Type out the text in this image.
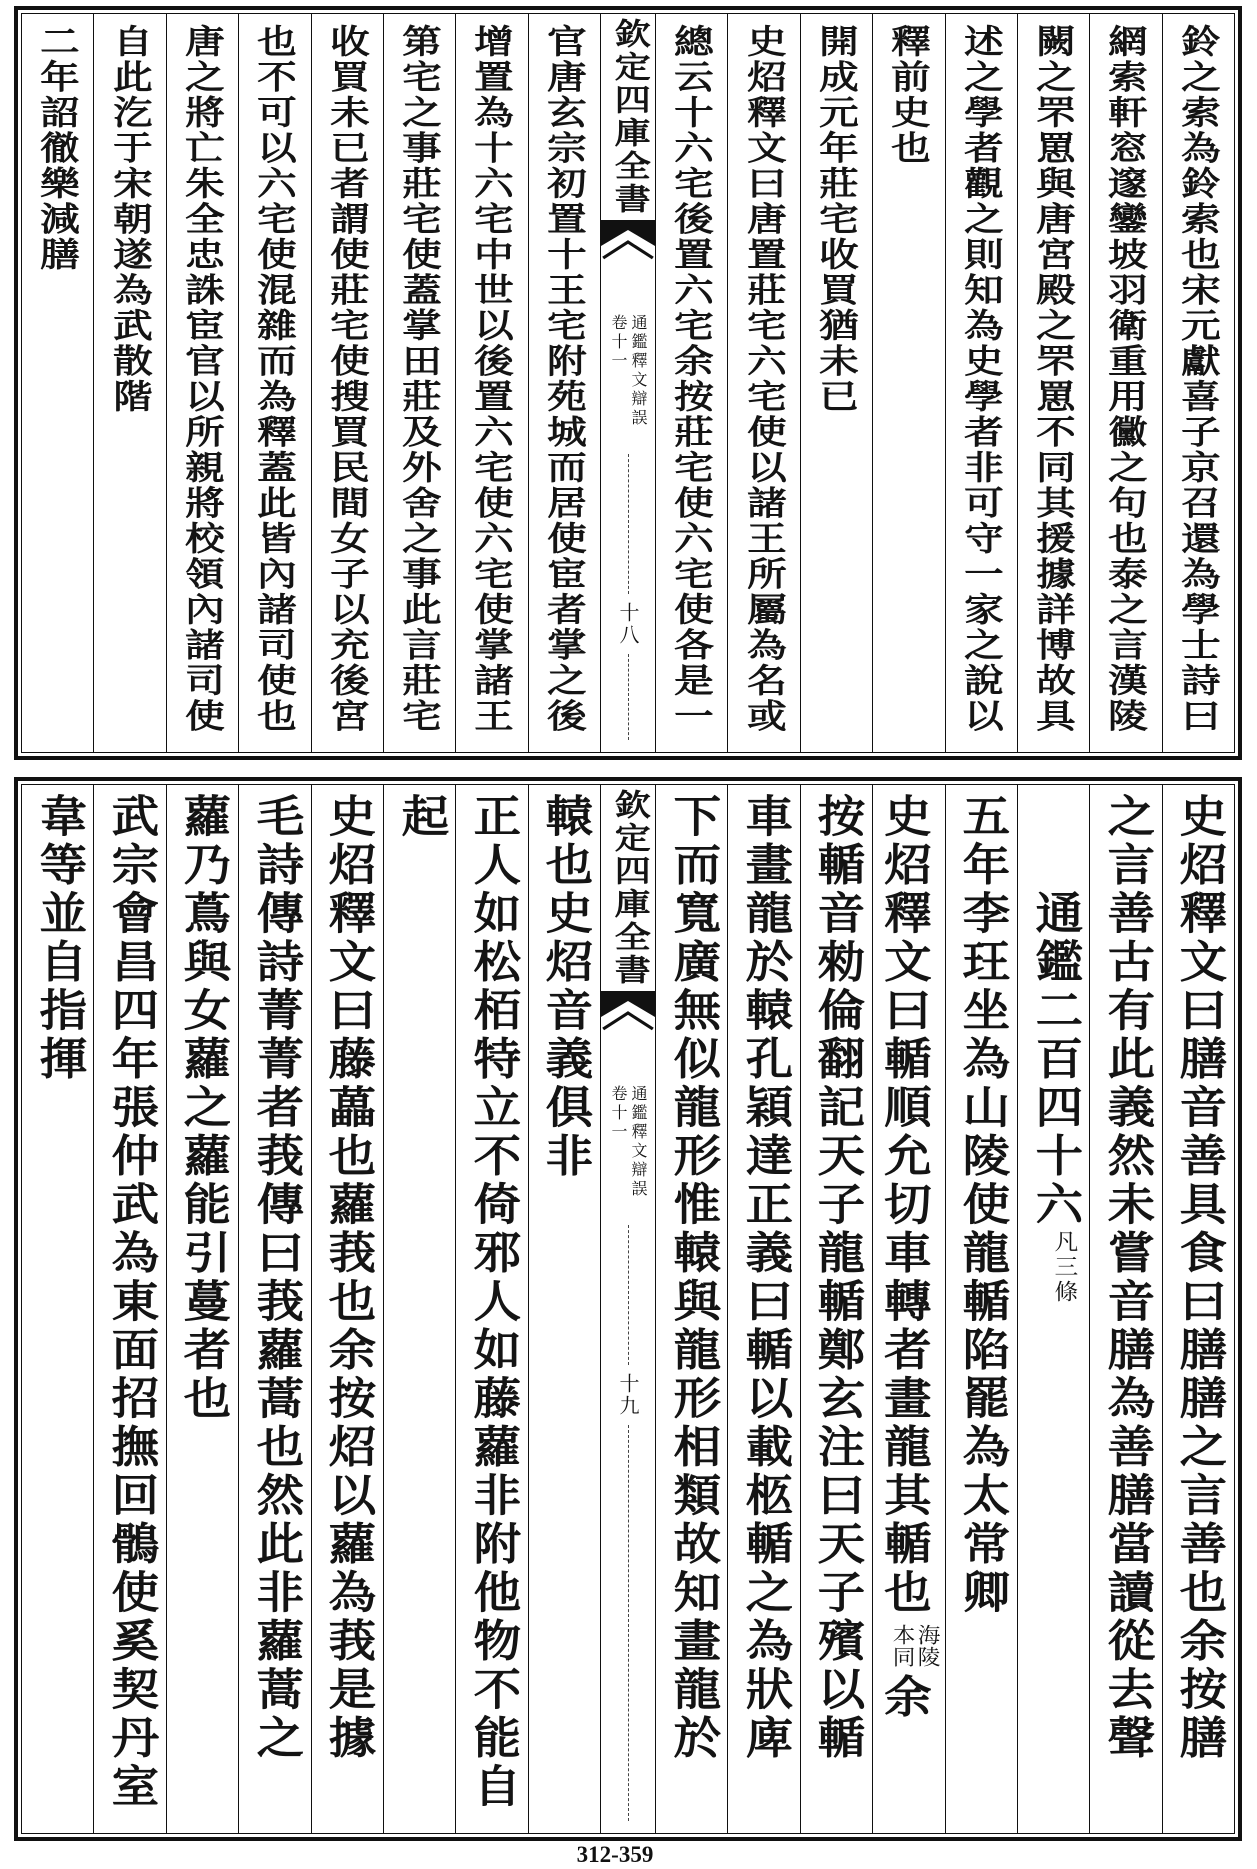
鈴之索為鈴索也宋元獻喜子京召還為學士詩曰
網索軒窓邃鑾坡羽衛重用黴之句也泰之言漢陵
闕之罘罳與唐宮殿之罘罳不同其援據詳博故具
述之學者觀之則知為史學者非可守一家之說以
釋前史也
開成元年莊宅收買猶未已
史炤釋文曰唐置莊宅六宅使以諸王所屬為名或
總云十六宅後置六宅余按莊宅使六宅使各是一
欽定四庫全書
通鑑釋文辯誤
卷十一
十八
官唐玄宗初置十王宅附苑城而居使宦者掌之後
增置為十六宅中世以後置六宅使六宅使掌諸王
第宅之事莊宅使蓋掌田莊及外舍之事此言莊宅
收買未已者謂使莊宅使搜買民間女子以充後宮
也不可以六宅使混雜而為釋蓋此皆內諸司使也
唐之將亡朱全忠誅宦官以所親將校領內諸司使
自此汔于宋朝遂為武散階
二年詔徹樂減膳
史炤釋文曰膳音善具食曰膳膳之言善也余按膳
之言善古有此義然未嘗音膳為善膳當讀從去聲
通鑑二百四十六凡三條
五年李玨坐為山陵使龍輴陷罷為太常卿
史炤釋文曰輴順允切車轉者畫龍其輴也
海陵
本同
余
按輴音勑倫翻記天子龍輴鄭玄注曰天子殯以輴
車畫龍於轅孔穎達正義曰輴以載柩輴之為狀庳
下而寬廣無似龍形惟轅與龍形相類故知畫龍於
欽定四庫全書
通鑑釋文辯誤
卷十一
十九
轅也史炤音義俱非
正人如松栢特立不倚邪人如藤蘿非附他物不能自
起
史炤釋文曰藤藟也蘿莪也余按炤以蘿為莪是據
毛詩傳詩菁菁者莪傳曰莪蘿蒿也然此非蘿蒿之
蘿乃蔦與女蘿之蘿能引蔓者也
武宗會昌四年張仲武為東面招撫回鶻使奚契丹室
韋等並自指揮
312-359
